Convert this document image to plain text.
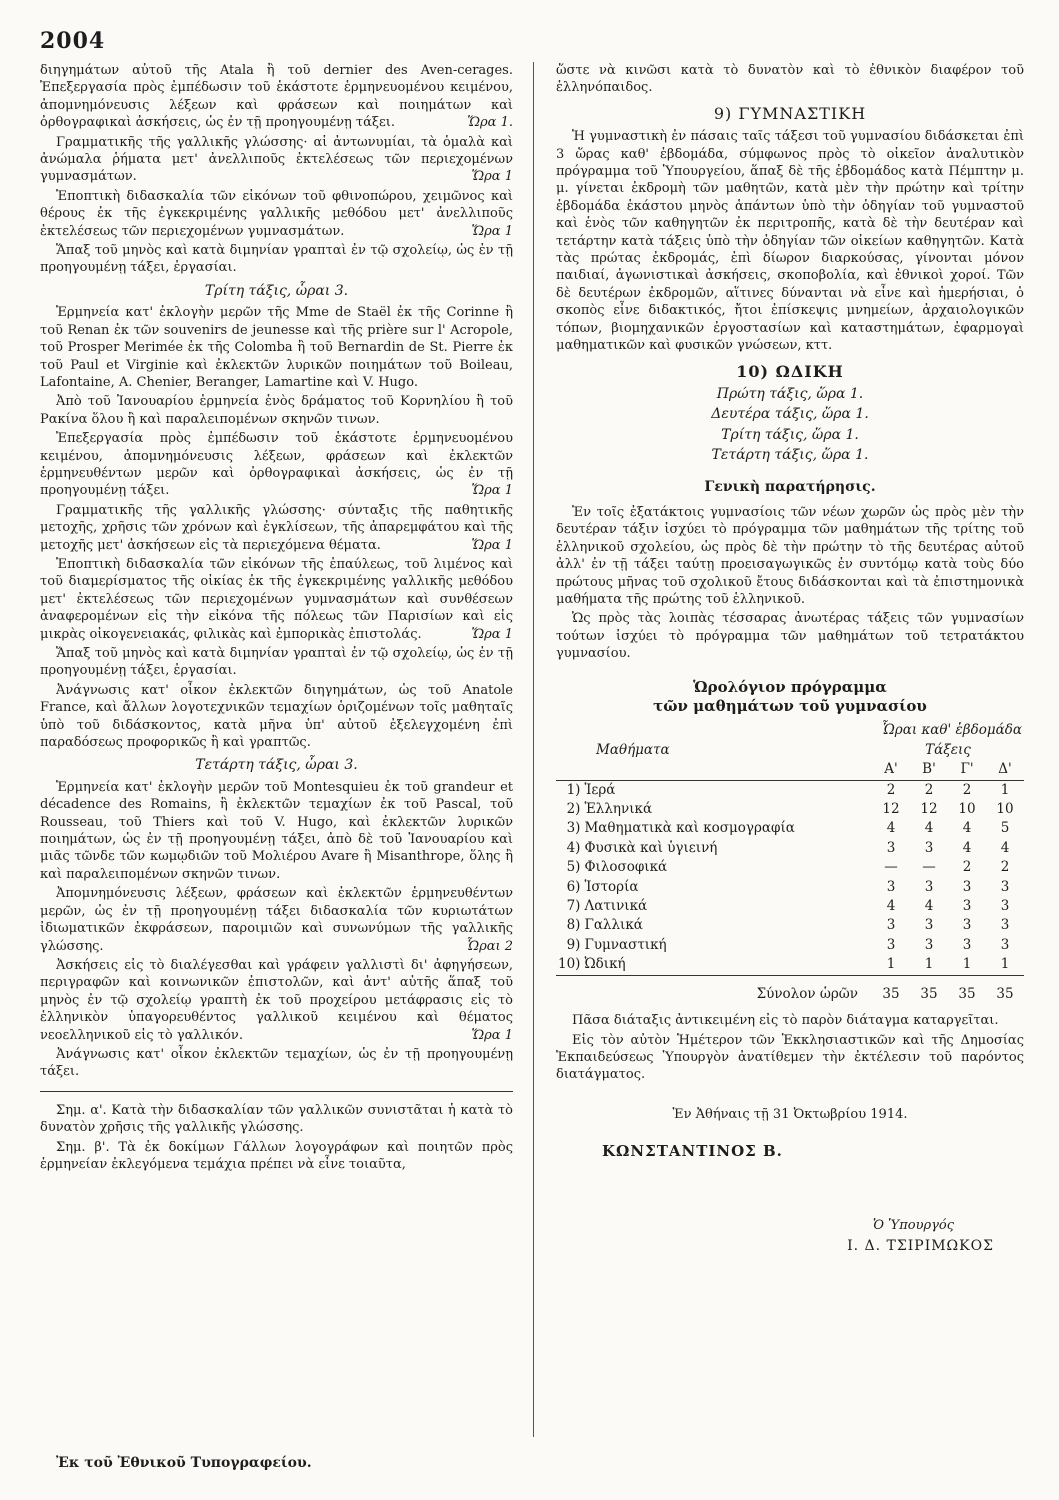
2004

διηγημάτων αὐτοῦ τῆς Atala ἢ τοῦ dernier des Aven-cerages. Ἐπεξεργασία πρὸς ἐμπέδωσιν τοῦ ἑκάστοτε ἑρμηνευομένου κειμένου, ἀπομνημόνευσις λέξεων καὶ φράσεων καὶ ποιημάτων καὶ ὀρθογραφικαὶ ἀσκήσεις, ὡς ἐν τῇ προηγουμένῃ τάξει.	Ὥρα 1.

Γραμματικῆς τῆς γαλλικῆς γλώσσης· αἱ ἀντωνυμίαι, τὰ ὁμαλὰ καὶ ἀνώμαλα ῥήματα μετ' ἀνελλιποῦς ἐκτελέσεως τῶν περιεχομένων γυμνασμάτων.	Ὥρα 1

Ἐποπτικὴ διδασκαλία τῶν εἰκόνων τοῦ φθινοπώρου, χειμῶνος καὶ θέρους ἐκ τῆς ἐγκεκριμένης γαλλικῆς μεθόδου μετ' ἀνελλιποῦς ἐκτελέσεως τῶν περιεχομένων γυμνασμάτων.	Ὥρα 1

Ἅπαξ τοῦ μηνὸς καὶ κατὰ διμηνίαν γραπταὶ ἐν τῷ σχολείῳ, ὡς ἐν τῇ προηγουμένῃ τάξει, ἐργασίαι.

Τρίτη τάξις, ὧραι 3.

Ἑρμηνεία κατ' ἐκλογὴν μερῶν τῆς Mme de Staël ἐκ τῆς Corinne ἢ τοῦ Renan ἐκ τῶν souvenirs de jeunesse καὶ τῆς prière sur l' Acropole, τοῦ Prosper Merimée ἐκ τῆς Colomba ἢ τοῦ Bernardin de St. Pierre ἐκ τοῦ Paul et Virginie καὶ ἐκλεκτῶν λυρικῶν ποιημάτων τοῦ Boileau, Lafontaine, A. Chenier, Beranger, Lamartine καὶ V. Hugo.

Ἀπὸ τοῦ Ἰανουαρίου ἑρμηνεία ἑνὸς δράματος τοῦ Κορνηλίου ἢ τοῦ Ρακίνα ὅλου ἢ καὶ παραλειπομένων σκηνῶν τινων.

Ἐπεξεργασία πρὸς ἐμπέδωσιν τοῦ ἑκάστοτε ἑρμηνευομένου κειμένου, ἀπομνημόνευσις λέξεων, φράσεων καὶ ἐκλεκτῶν ἑρμηνευθέντων μερῶν καὶ ὀρθογραφικαὶ ἀσκήσεις, ὡς ἐν τῇ προηγουμένῃ τάξει.	Ὥρα 1

Γραμματικῆς τῆς γαλλικῆς γλώσσης· σύνταξις τῆς παθητικῆς μετοχῆς, χρῆσις τῶν χρόνων καὶ ἐγκλίσεων, τῆς ἀπαρεμφάτου καὶ τῆς μετοχῆς μετ' ἀσκήσεων εἰς τὰ περιεχόμενα θέματα.	Ὥρα 1

Ἐποπτικὴ διδασκαλία τῶν εἰκόνων τῆς ἐπαύλεως, τοῦ λιμένος καὶ τοῦ διαμερίσματος τῆς οἰκίας ἐκ τῆς ἐγκεκριμένης γαλλικῆς μεθόδου μετ' ἐκτελέσεως τῶν περιεχομένων γυμνασμάτων καὶ συνθέσεων ἀναφερομένων εἰς τὴν εἰκόνα τῆς πόλεως τῶν Παρισίων καὶ εἰς μικρὰς οἰκογενειακάς, φιλικὰς καὶ ἐμπορικὰς ἐπιστολάς.	Ὥρα 1

Ἅπαξ τοῦ μηνὸς καὶ κατὰ διμηνίαν γραπταὶ ἐν τῷ σχολείῳ, ὡς ἐν τῇ προηγουμένῃ τάξει, ἐργασίαι.

Ἀνάγνωσις κατ' οἶκον ἐκλεκτῶν διηγημάτων, ὡς τοῦ Anatole France, καὶ ἄλλων λογοτεχνικῶν τεμαχίων ὁριζομένων τοῖς μαθηταῖς ὑπὸ τοῦ διδάσκοντος, κατὰ μῆνα ὑπ' αὐτοῦ ἐξελεγχομένη ἐπὶ παραδόσεως προφορικῶς ἢ καὶ γραπτῶς.

Τετάρτη τάξις, ὧραι 3.

Ἑρμηνεία κατ' ἐκλογὴν μερῶν τοῦ Montesquieu ἐκ τοῦ grandeur et décadence des Romains, ἢ ἐκλεκτῶν τεμαχίων ἐκ τοῦ Pascal, τοῦ Rousseau, τοῦ Thiers καὶ τοῦ V. Hugo, καὶ ἐκλεκτῶν λυρικῶν ποιημάτων, ὡς ἐν τῇ προηγουμένῃ τάξει, ἀπὸ δὲ τοῦ Ἰανουαρίου καὶ μιᾶς τῶνδε τῶν κωμῳδιῶν τοῦ Μολιέρου Avare ἢ Misanthrope, ὅλης ἢ καὶ παραλειπομένων σκηνῶν τινων.

Ἀπομνημόνευσις λέξεων, φράσεων καὶ ἐκλεκτῶν ἑρμηνευθέντων μερῶν, ὡς ἐν τῇ προηγουμένῃ τάξει διδασκαλία τῶν κυριωτάτων ἰδιωματικῶν ἐκφράσεων, παροιμιῶν καὶ συνωνύμων τῆς γαλλικῆς γλώσσης.	Ὧραι 2

Ἀσκήσεις εἰς τὸ διαλέγεσθαι καὶ γράφειν γαλλιστὶ δι' ἀφηγήσεων, περιγραφῶν καὶ κοινωνικῶν ἐπιστολῶν, καὶ ἀντ' αὐτῆς ἅπαξ τοῦ μηνὸς ἐν τῷ σχολείῳ γραπτὴ ἐκ τοῦ προχείρου μετάφρασις εἰς τὸ ἑλληνικὸν ὑπαγορευθέντος γαλλικοῦ κειμένου καὶ θέματος νεοελληνικοῦ εἰς τὸ γαλλικόν.	Ὥρα 1

Ἀνάγνωσις κατ' οἶκον ἐκλεκτῶν τεμαχίων, ὡς ἐν τῇ προηγουμένῃ τάξει.

Σημ. α'. Κατὰ τὴν διδασκαλίαν τῶν γαλλικῶν συνιστᾶται ἡ κατὰ τὸ δυνατὸν χρῆσις τῆς γαλλικῆς γλώσσης.

Σημ. β'. Τὰ ἐκ δοκίμων Γάλλων λογογράφων καὶ ποιητῶν πρὸς ἑρμηνείαν ἐκλεγόμενα τεμάχια πρέπει νὰ εἶνε τοιαῦτα,

ὥστε νὰ κινῶσι κατὰ τὸ δυνατὸν καὶ τὸ ἐθνικὸν διαφέρον τοῦ ἑλληνόπαιδος.

9) ΓΥΜΝΑΣΤΙΚΗ

Ἡ γυμναστικὴ ἐν πάσαις ταῖς τάξεσι τοῦ γυμνασίου διδάσκεται ἐπὶ 3 ὥρας καθ' ἑβδομάδα, σύμφωνος πρὸς τὸ οἰκεῖον ἀναλυτικὸν πρόγραμμα τοῦ Ὑπουργείου, ἅπαξ δὲ τῆς ἑβδομάδος κατὰ Πέμπτην μ. μ. γίνεται ἐκδρομὴ τῶν μαθητῶν, κατὰ μὲν τὴν πρώτην καὶ τρίτην ἑβδομάδα ἑκάστου μηνὸς ἁπάντων ὑπὸ τὴν ὁδηγίαν τοῦ γυμναστοῦ καὶ ἑνὸς τῶν καθηγητῶν ἐκ περιτροπῆς, κατὰ δὲ τὴν δευτέραν καὶ τετάρτην κατὰ τάξεις ὑπὸ τὴν ὁδηγίαν τῶν οἰκείων καθηγητῶν. Κατὰ τὰς πρώτας ἐκδρομάς, ἐπὶ δίωρον διαρκούσας, γίνονται μόνον παιδιαί, ἀγωνιστικαὶ ἀσκήσεις, σκοποβολία, καὶ ἐθνικοὶ χοροί. Τῶν δὲ δευτέρων ἐκδρομῶν, αἵτινες δύνανται νὰ εἶνε καὶ ἡμερήσιαι, ὁ σκοπὸς εἶνε διδακτικός, ἤτοι ἐπίσκεψις μνημείων, ἀρχαιολογικῶν τόπων, βιομηχανικῶν ἐργοστασίων καὶ καταστημάτων, ἐφαρμογαὶ μαθηματικῶν καὶ φυσικῶν γνώσεων, κττ.

10) ΩΔΙΚΗ
Πρώτη τάξις, ὥρα 1.
Δευτέρα τάξις, ὥρα 1.
Τρίτη τάξις, ὥρα 1.
Τετάρτη τάξις, ὥρα 1.
Γενικὴ παρατήρησις.

Ἐν τοῖς ἐξατάκτοις γυμνασίοις τῶν νέων χωρῶν ὡς πρὸς μὲν τὴν δευτέραν τάξιν ἰσχύει τὸ πρόγραμμα τῶν μαθημάτων τῆς τρίτης τοῦ ἑλληνικοῦ σχολείου, ὡς πρὸς δὲ τὴν πρώτην τὸ τῆς δευτέρας αὐτοῦ ἀλλ' ἐν τῇ τάξει ταύτῃ προεισαγωγικῶς ἐν συντόμῳ κατὰ τοὺς δύο πρώτους μῆνας τοῦ σχολικοῦ ἔτους διδάσκονται καὶ τὰ ἐπιστημονικὰ μαθήματα τῆς πρώτης τοῦ ἑλληνικοῦ.

Ὡς πρὸς τὰς λοιπὰς τέσσαρας ἀνωτέρας τάξεις τῶν γυμνασίων τούτων ἰσχύει τὸ πρόγραμμα τῶν μαθημάτων τοῦ τετρατάκτου γυμνασίου.

Ὡρολόγιον πρόγραμμα
τῶν μαθημάτων τοῦ γυμνασίου
		Ὧραι καθ' ἑβδομάδα			
Μαθήματα		Τάξεις			
		Α'	Β'	Γ'	Δ'
1)	Ἱερά	2	2	2	1
2)	Ἑλληνικά	12	12	10	10
3)	Μαθηματικὰ καὶ κοσμογραφία	4	4	4	5
4)	Φυσικὰ καὶ ὑγιεινή	3	3	4	4
5)	Φιλοσοφικά	—	—	2	2
6)	Ἱστορία	3	3	3	3
7)	Λατινικά	4	4	3	3
8)	Γαλλικά	3	3	3	3
9)	Γυμναστική	3	3	3	3
10)	Ὠδική	1	1	1	1
Σύνολον ὡρῶν		35	35	35	35

Πᾶσα διάταξις ἀντικειμένη εἰς τὸ παρὸν διάταγμα καταργεῖται.

Εἰς τὸν αὐτὸν Ἡμέτερον τῶν Ἐκκλησιαστικῶν καὶ τῆς Δημοσίας Ἐκπαιδεύσεως Ὑπουργὸν ἀνατίθεμεν τὴν ἐκτέλεσιν τοῦ παρόντος διατάγματος.

Ἐν Ἀθήναις τῇ 31 Ὀκτωβρίου 1914.
ΚΩΝΣΤΑΝΤΙΝΟΣ Β.
Ὁ Ὑπουργός
Ι. Δ. ΤΣΙΡΙΜΩΚΟΣ
Ἐκ τοῦ Ἐθνικοῦ Τυπογραφείου.
